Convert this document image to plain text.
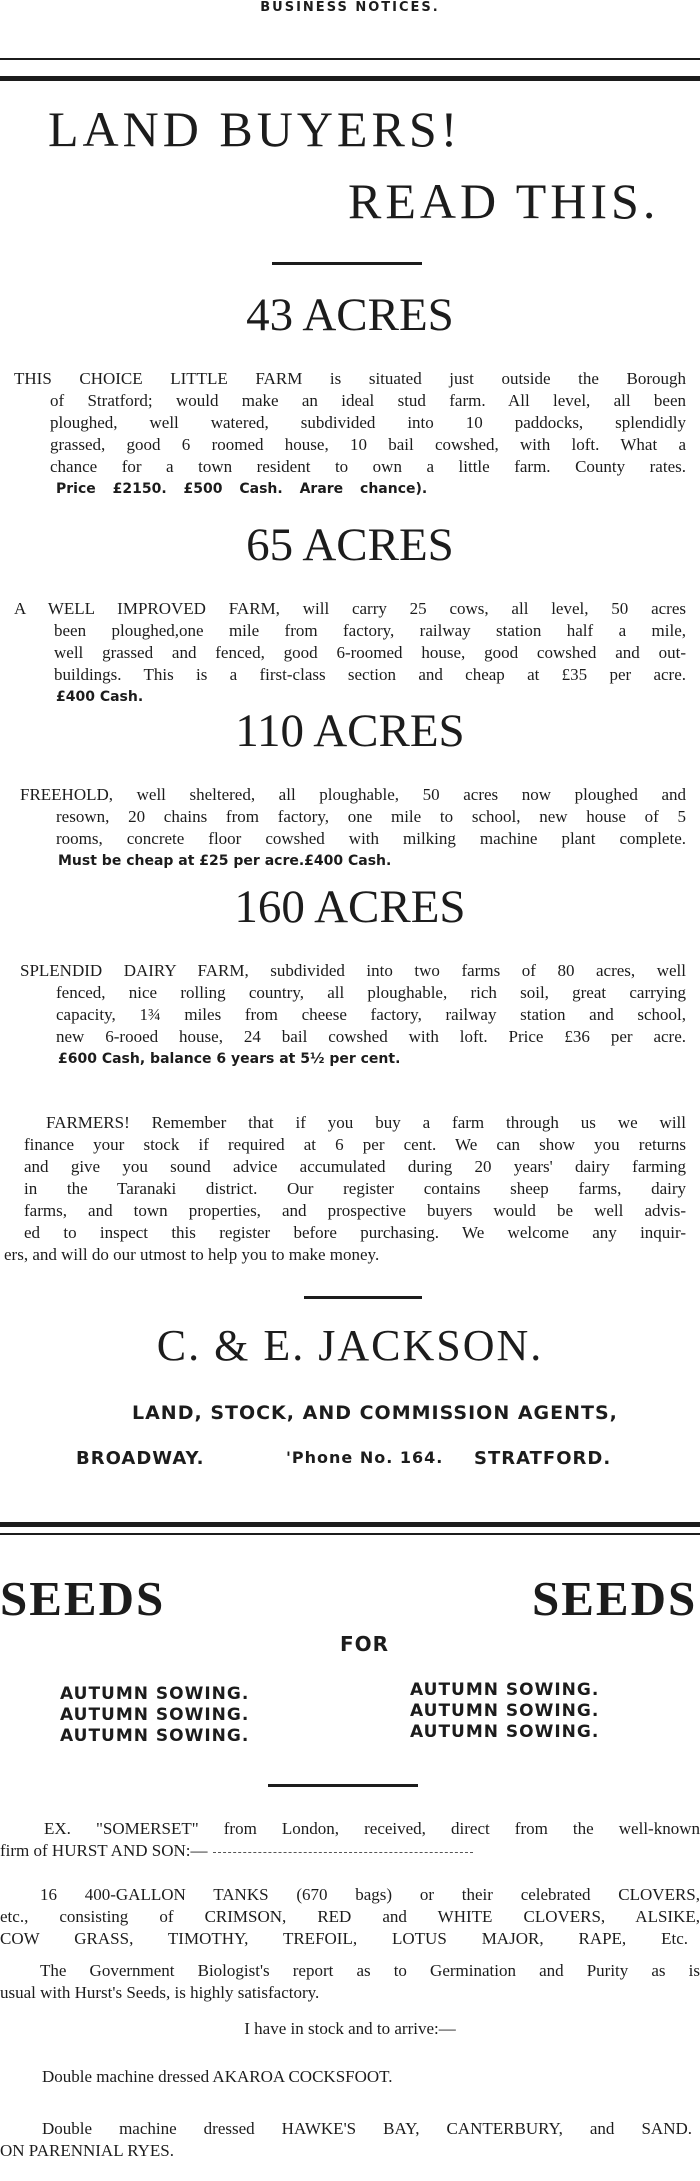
BUSINESS NOTICES.
LAND BUYERS!
READ THIS.
43 ACRES
THIS CHOICE LITTLE FARM is situated just outside the Borough
of Stratford; would make an ideal stud farm. All level, all been
ploughed, well watered, subdivided into 10 paddocks, splendidly
grassed, good 6 roomed house, 10 bail cowshed, with loft. What a
chance for a town resident to own a little farm. County rates.
Price £2150. £500 Cash. Arare chance).
65 ACRES
A WELL IMPROVED FARM, will carry 25 cows, all level, 50 acres
been ploughed,one mile from factory, railway station half a mile,
well grassed and fenced, good 6-roomed house, good cowshed and out-
buildings. This is a first-class section and cheap at £35 per acre.
£400 Cash.
110 ACRES
FREEHOLD, well sheltered, all ploughable, 50 acres now ploughed and
resown, 20 chains from factory, one mile to school, new house of 5
rooms, concrete floor cowshed with milking machine plant complete.
Must be cheap at £25 per acre.£400 Cash.
160 ACRES
SPLENDID DAIRY FARM, subdivided into two farms of 80 acres, well
fenced, nice rolling country, all ploughable, rich soil, great carrying
capacity, 1¾ miles from cheese factory, railway station and school,
new 6-rooed house, 24 bail cowshed with loft. Price £36 per acre.
£600 Cash, balance 6 years at 5½ per cent.
FARMERS! Remember that if you buy a farm through us we will
finance your stock if required at 6 per cent. We can show you returns
and give you sound advice accumulated during 20 years' dairy farming
in the Taranaki district. Our register contains sheep farms, dairy
farms, and town properties, and prospective buyers would be well advis-
ed to inspect this register before purchasing. We welcome any inquir-
ers, and will do our utmost to help you to make money.
C. & E. JACKSON.
LAND, STOCK, AND COMMISSION AGENTS,
BROADWAY.	'Phone No. 164. STRATFORD.
SEEDS	SEEDS
FOR
AUTUMN SOWING.
AUTUMN SOWING.
AUTUMN SOWING.
AUTUMN SOWING.
AUTUMN SOWING.
AUTUMN SOWING.
EX. "SOMERSET" from London, received, direct from the well-known
firm of HURST AND SON:—
16 400-GALLON TANKS (670 bags) or their celebrated CLOVERS,
etc., consisting of CRIMSON, RED and WHITE CLOVERS, ALSIKE,
COW GRASS, TIMOTHY, TREFOIL, LOTUS MAJOR, RAPE, Etc.
The Government Biologist's report as to Germination and Purity as is
usual with Hurst's Seeds, is highly satisfactory.
I have in stock and to arrive:—
Double machine dressed AKAROA COCKSFOOT.
Double machine dressed HAWKE'S BAY, CANTERBURY, and SAND.
ON PARENNIAL RYES.
